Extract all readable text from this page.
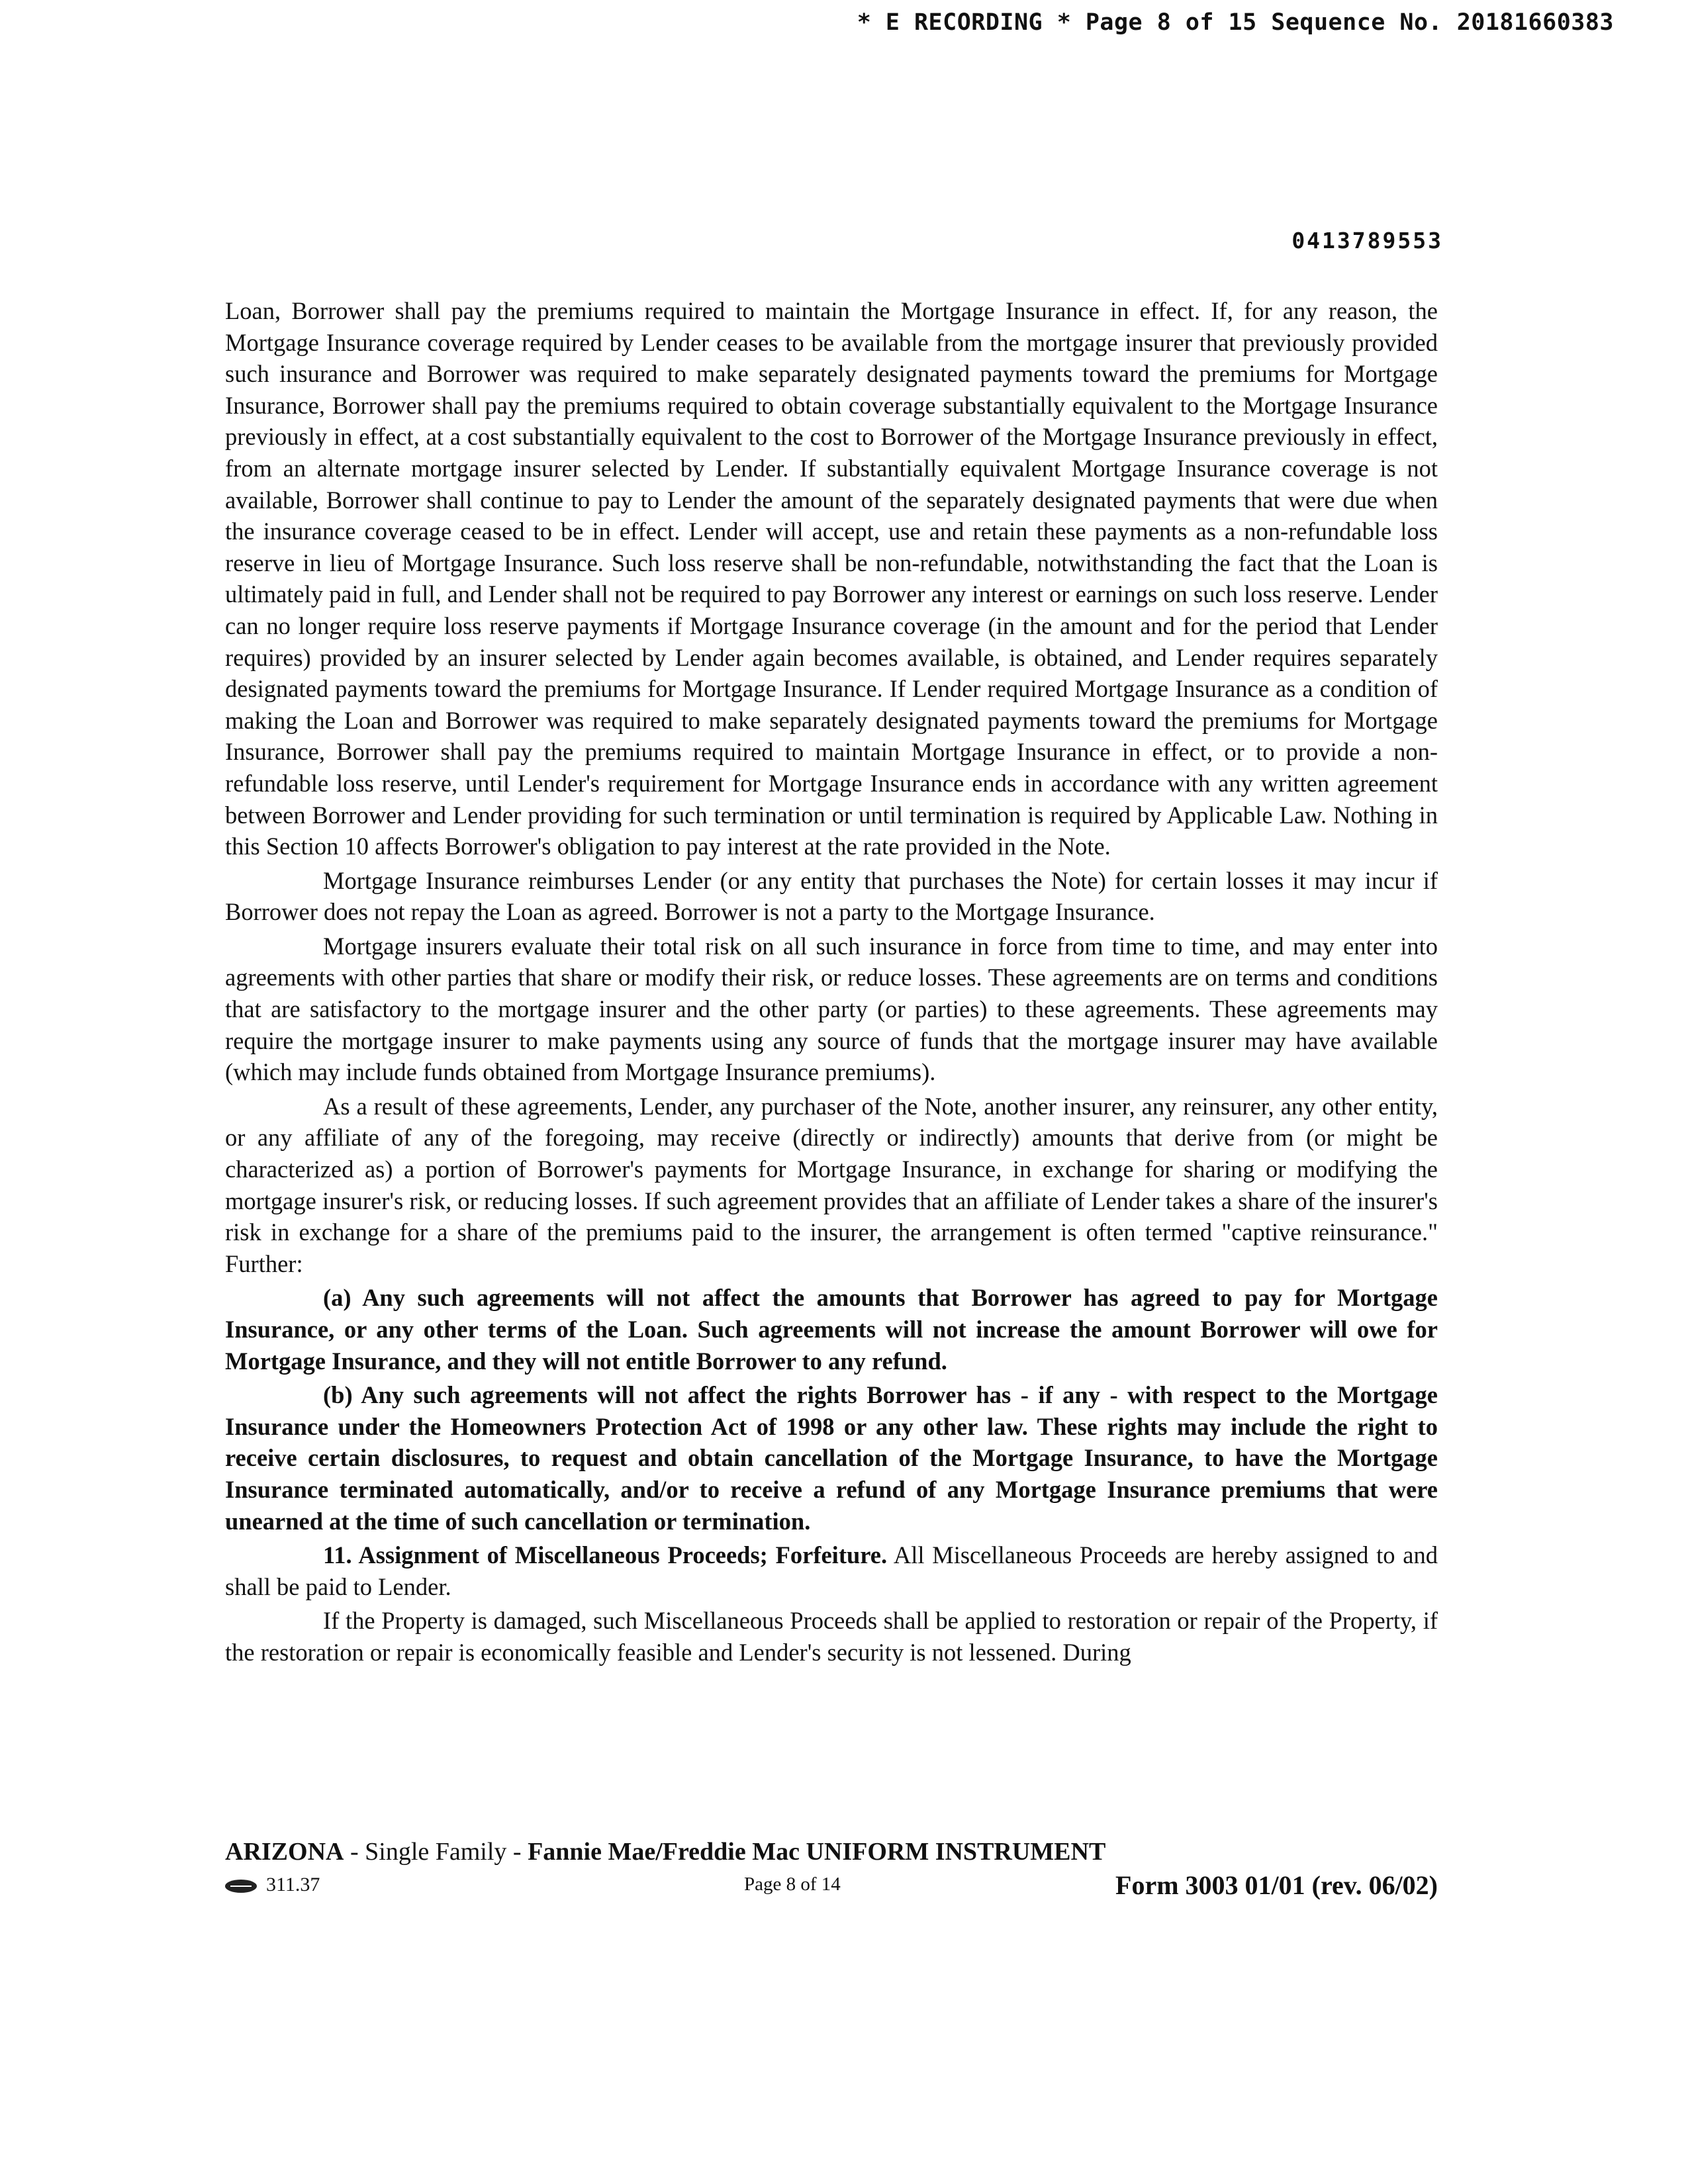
* E RECORDING * Page 8 of 15 Sequence No. 20181660383
0413789553

Loan, Borrower shall pay the premiums required to maintain the Mortgage Insurance in effect. If, for any reason, the Mortgage Insurance coverage required by Lender ceases to be available from the mortgage insurer that previously provided such insurance and Borrower was required to make separately designated payments toward the premiums for Mortgage Insurance, Borrower shall pay the premiums required to obtain coverage substantially equivalent to the Mortgage Insurance previously in effect, at a cost substantially equivalent to the cost to Borrower of the Mortgage Insurance previously in effect, from an alternate mortgage insurer selected by Lender. If substantially equivalent Mortgage Insurance coverage is not available, Borrower shall continue to pay to Lender the amount of the separately designated payments that were due when the insurance coverage ceased to be in effect. Lender will accept, use and retain these payments as a non-refundable loss reserve in lieu of Mortgage Insurance. Such loss reserve shall be non-refundable, notwithstanding the fact that the Loan is ultimately paid in full, and Lender shall not be required to pay Borrower any interest or earnings on such loss reserve. Lender can no longer require loss reserve payments if Mortgage Insurance coverage (in the amount and for the period that Lender requires) provided by an insurer selected by Lender again becomes available, is obtained, and Lender requires separately designated payments toward the premiums for Mortgage Insurance. If Lender required Mortgage Insurance as a condition of making the Loan and Borrower was required to make separately designated payments toward the premiums for Mortgage Insurance, Borrower shall pay the premiums required to maintain Mortgage Insurance in effect, or to provide a non-refundable loss reserve, until Lender's requirement for Mortgage Insurance ends in accordance with any written agreement between Borrower and Lender providing for such termination or until termination is required by Applicable Law. Nothing in this Section 10 affects Borrower's obligation to pay interest at the rate provided in the Note.

Mortgage Insurance reimburses Lender (or any entity that purchases the Note) for certain losses it may incur if Borrower does not repay the Loan as agreed. Borrower is not a party to the Mortgage Insurance.

Mortgage insurers evaluate their total risk on all such insurance in force from time to time, and may enter into agreements with other parties that share or modify their risk, or reduce losses. These agreements are on terms and conditions that are satisfactory to the mortgage insurer and the other party (or parties) to these agreements. These agreements may require the mortgage insurer to make payments using any source of funds that the mortgage insurer may have available (which may include funds obtained from Mortgage Insurance premiums).

As a result of these agreements, Lender, any purchaser of the Note, another insurer, any reinsurer, any other entity, or any affiliate of any of the foregoing, may receive (directly or indirectly) amounts that derive from (or might be characterized as) a portion of Borrower's payments for Mortgage Insurance, in exchange for sharing or modifying the mortgage insurer's risk, or reducing losses. If such agreement provides that an affiliate of Lender takes a share of the insurer's risk in exchange for a share of the premiums paid to the insurer, the arrangement is often termed "captive reinsurance." Further:

(a) Any such agreements will not affect the amounts that Borrower has agreed to pay for Mortgage Insurance, or any other terms of the Loan. Such agreements will not increase the amount Borrower will owe for Mortgage Insurance, and they will not entitle Borrower to any refund.

(b) Any such agreements will not affect the rights Borrower has - if any - with respect to the Mortgage Insurance under the Homeowners Protection Act of 1998 or any other law. These rights may include the right to receive certain disclosures, to request and obtain cancellation of the Mortgage Insurance, to have the Mortgage Insurance terminated automatically, and/or to receive a refund of any Mortgage Insurance premiums that were unearned at the time of such cancellation or termination.

11. Assignment of Miscellaneous Proceeds; Forfeiture. All Miscellaneous Proceeds are hereby assigned to and shall be paid to Lender.

If the Property is damaged, such Miscellaneous Proceeds shall be applied to restoration or repair of the Property, if the restoration or repair is economically feasible and Lender's security is not lessened. During

ARIZONA - Single Family - Fannie Mae/Freddie Mac UNIFORM INSTRUMENT
311.37	Page 8 of 14	Form 3003 01/01 (rev. 06/02)
